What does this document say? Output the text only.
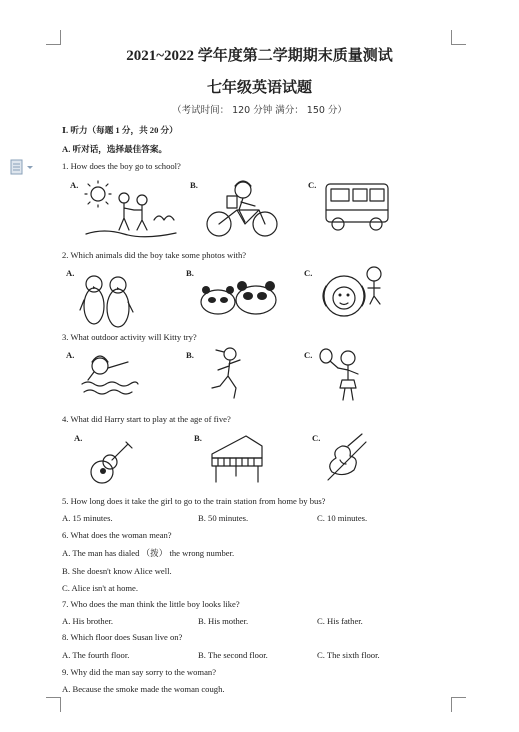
2021~2022 学年度第二学期期末质量测试
七年级英语试题
（考试时间： 120 分钟 满分： 150 分）
Ⅰ. 听力（每题 1 分，共 20 分）
A. 听对话，选择最佳答案。
1. How does the boy go to school?
A.	B.	C.
2. Which animals did the boy take some photos with?
A.	B.	C.
3. What outdoor activity will Kitty try?
A.	B.	C.
4. What did Harry start to play at the age of five?
A.	B.	C.
5. How long does it take the girl to go to the train station from home by bus?
A. 15 minutes.	B. 50 minutes.	C. 10 minutes.
6. What does the woman mean?
A. The man has dialed （拨） the wrong number.
B. She doesn't know Alice well.
C. Alice isn't at home.
7. Who does the man think the little boy looks like?
A. His brother.	B. His mother.	C. His father.
8. Which floor does Susan live on?
A. The fourth floor.	B. The second floor.	C. The sixth floor.
9. Why did the man say sorry to the woman?
A. Because the smoke made the woman cough.
